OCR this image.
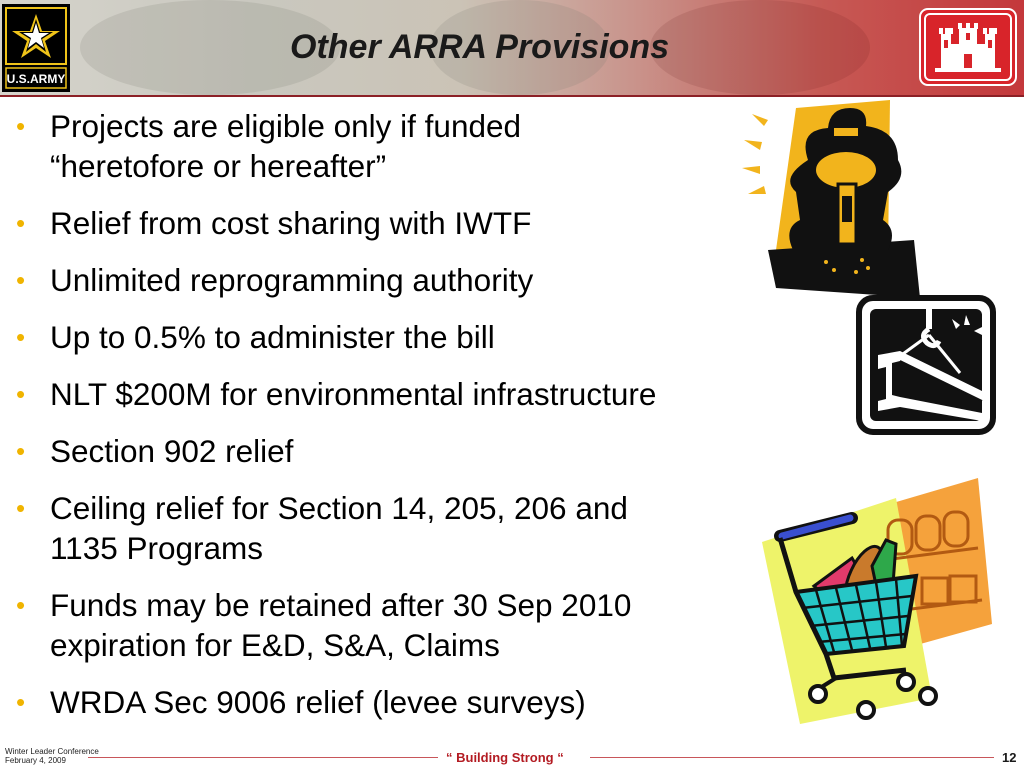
U.S.ARMY
Other ARRA Provisions
• Projects are eligible only if funded
“heretofore or hereafter”
• Relief from cost sharing with IWTF
• Unlimited reprogramming authority
• Up to 0.5% to administer the bill
• NLT $200M for environmental infrastructure
• Section 902 relief
• Ceiling relief for Section 14, 205, 206 and
1135 Programs
• Funds may be retained after 30 Sep 2010
expiration for E&D, S&A, Claims
• WRDA Sec 9006 relief (levee surveys)
Winter Leader Conference
February 4, 2009	“ Building Strong “	12
